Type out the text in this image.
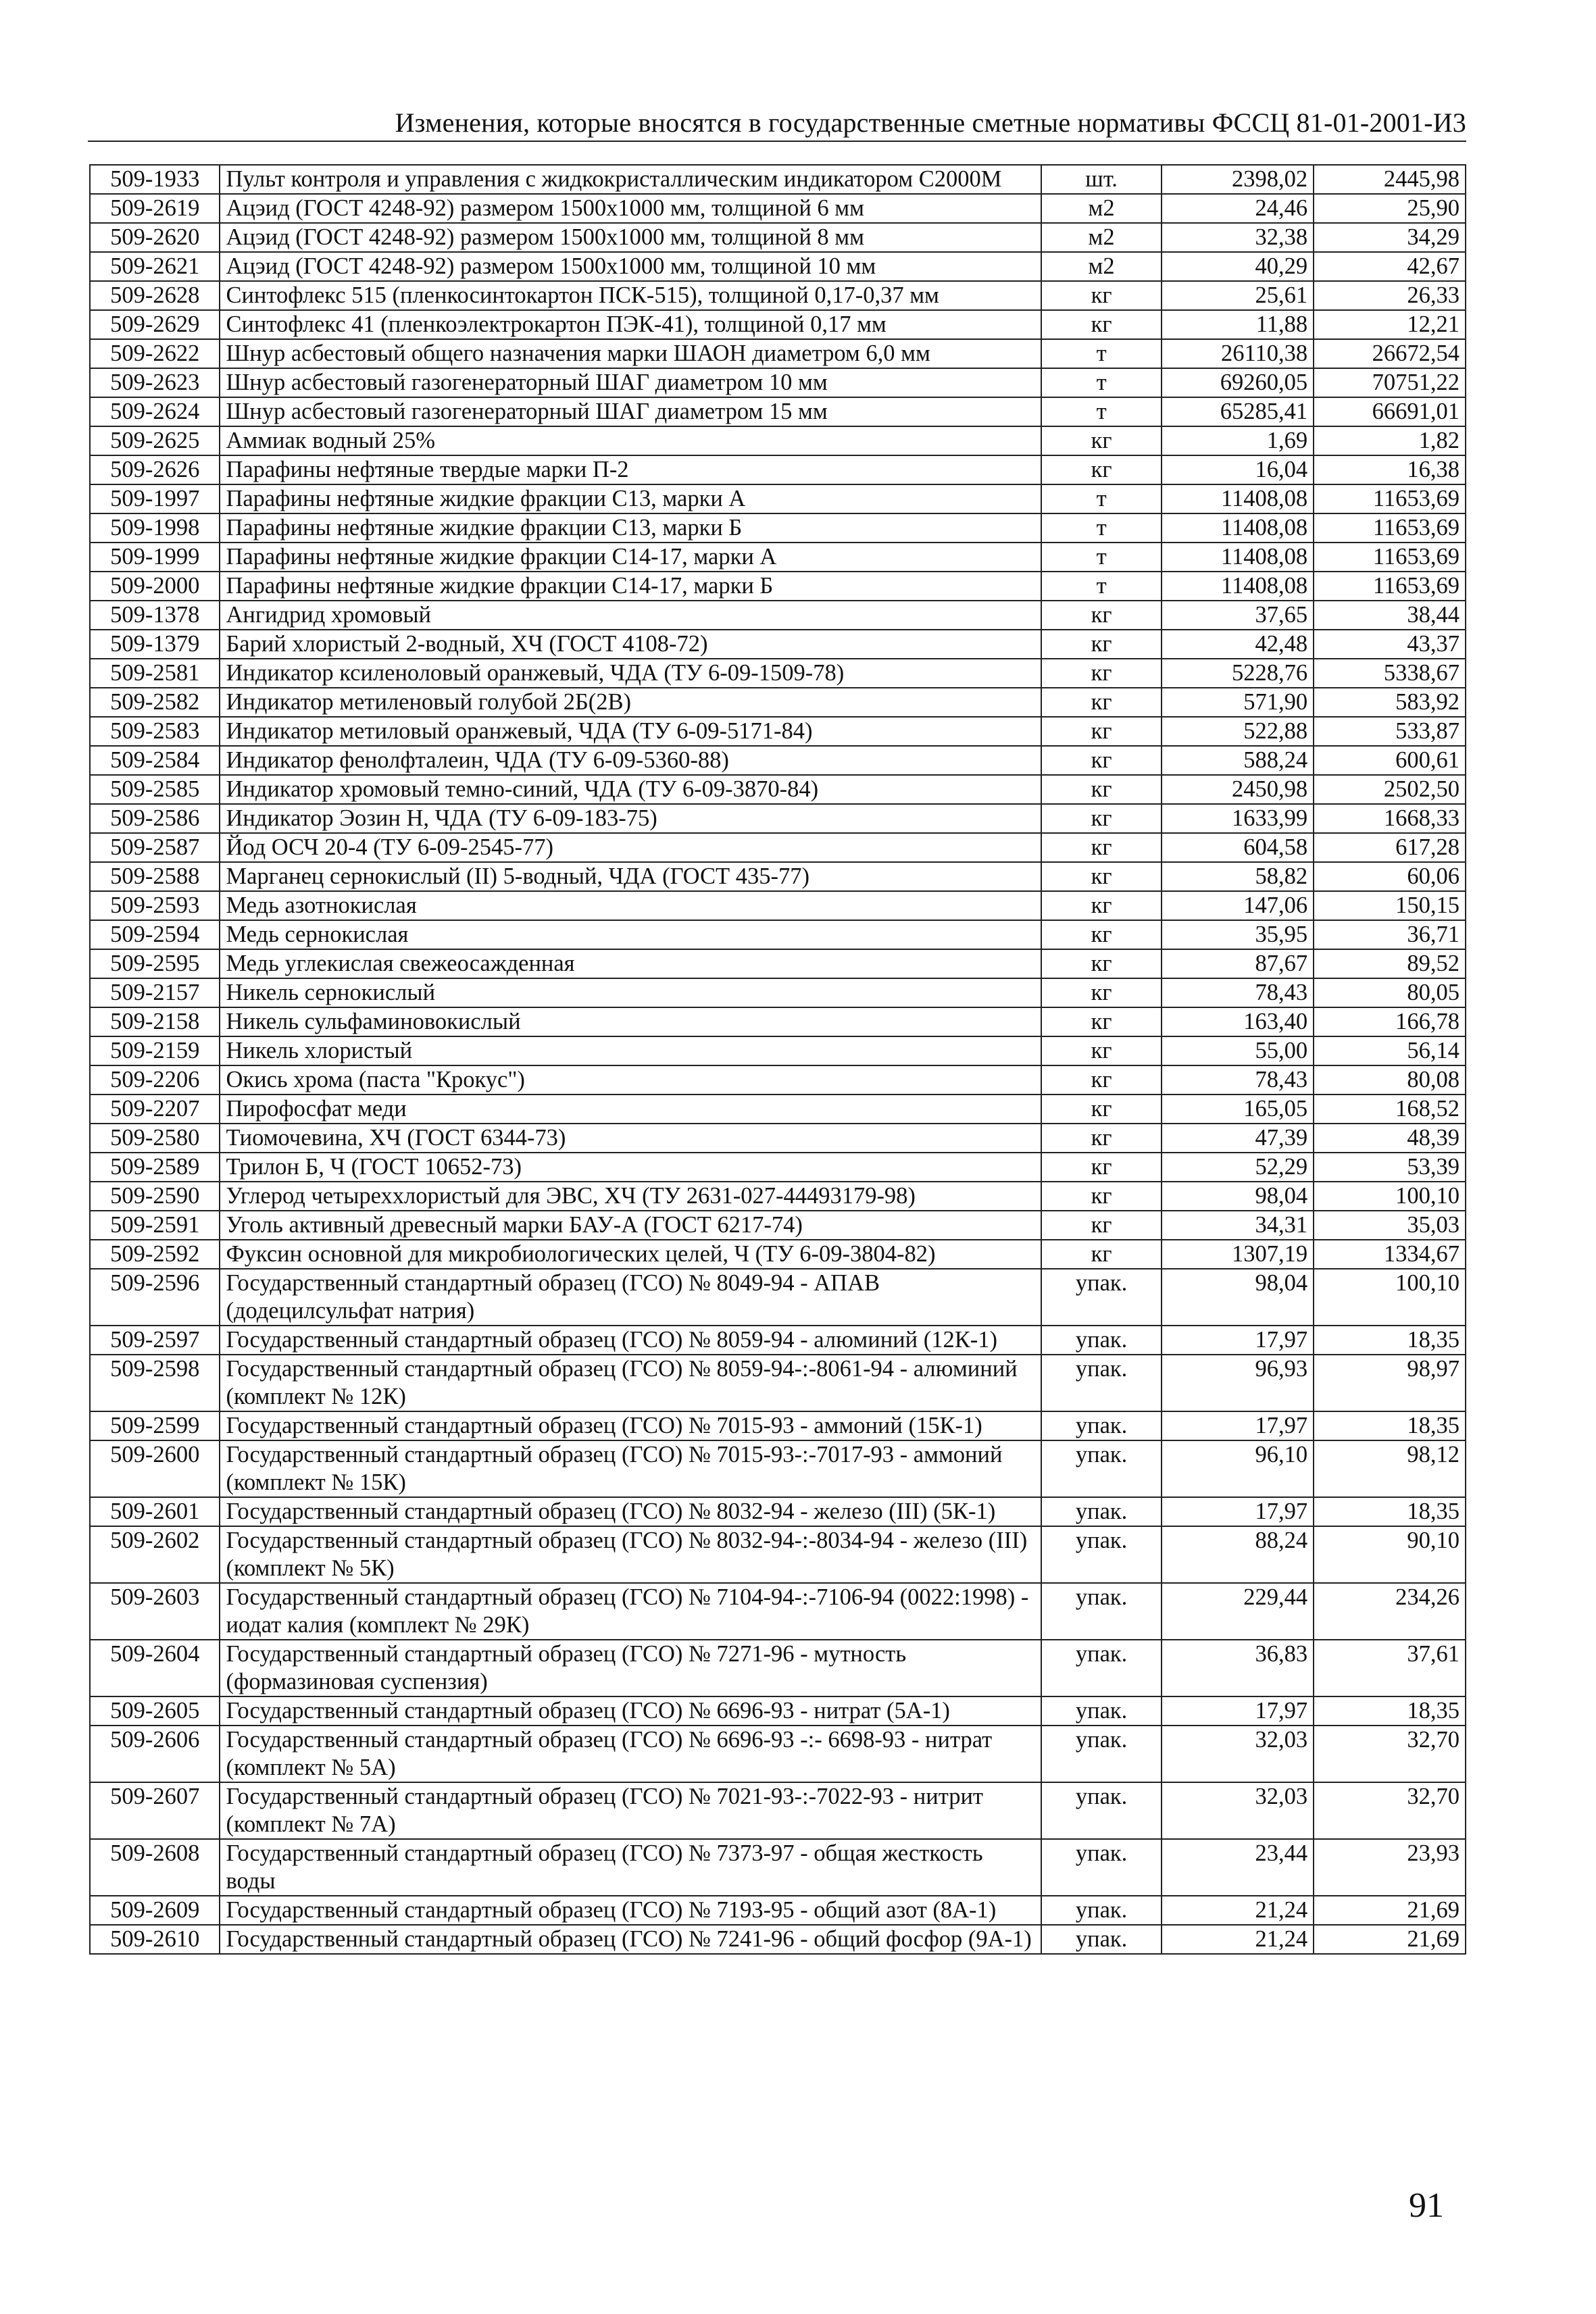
Изменения, которые вносятся в государственные сметные нормативы ФССЦ 81-01-2001-И3
509-1933	Пульт контроля и управления с жидкокристаллическим индикатором С2000М	шт.	2398,02	2445,98
509-2619	Ацэид (ГОСТ 4248-92) размером 1500х1000 мм, толщиной 6 мм	м2	24,46	25,90
509-2620	Ацэид (ГОСТ 4248-92) размером 1500х1000 мм, толщиной 8 мм	м2	32,38	34,29
509-2621	Ацэид (ГОСТ 4248-92) размером 1500х1000 мм, толщиной 10 мм	м2	40,29	42,67
509-2628	Синтофлекс 515 (пленкосинтокартон ПСК-515), толщиной 0,17-0,37 мм	кг	25,61	26,33
509-2629	Синтофлекс 41 (пленкоэлектрокартон ПЭК-41), толщиной 0,17 мм	кг	11,88	12,21
509-2622	Шнур асбестовый общего назначения марки ШАОН диаметром 6,0 мм	т	26110,38	26672,54
509-2623	Шнур асбестовый газогенераторный ШАГ диаметром 10 мм	т	69260,05	70751,22
509-2624	Шнур асбестовый газогенераторный ШАГ диаметром 15 мм	т	65285,41	66691,01
509-2625	Аммиак водный 25%	кг	1,69	1,82
509-2626	Парафины нефтяные твердые марки П-2	кг	16,04	16,38
509-1997	Парафины нефтяные жидкие фракции С13, марки А	т	11408,08	11653,69
509-1998	Парафины нефтяные жидкие фракции С13, марки Б	т	11408,08	11653,69
509-1999	Парафины нефтяные жидкие фракции С14-17, марки А	т	11408,08	11653,69
509-2000	Парафины нефтяные жидкие фракции С14-17, марки Б	т	11408,08	11653,69
509-1378	Ангидрид хромовый	кг	37,65	38,44
509-1379	Барий хлористый 2-водный, ХЧ (ГОСТ 4108-72)	кг	42,48	43,37
509-2581	Индикатор ксиленоловый оранжевый, ЧДА (ТУ 6-09-1509-78)	кг	5228,76	5338,67
509-2582	Индикатор метиленовый голубой 2Б(2В)	кг	571,90	583,92
509-2583	Индикатор метиловый оранжевый, ЧДА (ТУ 6-09-5171-84)	кг	522,88	533,87
509-2584	Индикатор фенолфталеин, ЧДА (ТУ 6-09-5360-88)	кг	588,24	600,61
509-2585	Индикатор хромовый темно-синий, ЧДА (ТУ 6-09-3870-84)	кг	2450,98	2502,50
509-2586	Индикатор Эозин Н, ЧДА (ТУ 6-09-183-75)	кг	1633,99	1668,33
509-2587	Йод ОСЧ 20-4 (ТУ 6-09-2545-77)	кг	604,58	617,28
509-2588	Марганец сернокислый (II) 5-водный, ЧДА (ГОСТ 435-77)	кг	58,82	60,06
509-2593	Медь азотнокислая	кг	147,06	150,15
509-2594	Медь сернокислая	кг	35,95	36,71
509-2595	Медь углекислая свежеосажденная	кг	87,67	89,52
509-2157	Никель сернокислый	кг	78,43	80,05
509-2158	Никель сульфаминовокислый	кг	163,40	166,78
509-2159	Никель хлористый	кг	55,00	56,14
509-2206	Окись хрома (паста "Крокус")	кг	78,43	80,08
509-2207	Пирофосфат меди	кг	165,05	168,52
509-2580	Тиомочевина, ХЧ (ГОСТ 6344-73)	кг	47,39	48,39
509-2589	Трилон Б, Ч (ГОСТ 10652-73)	кг	52,29	53,39
509-2590	Углерод четыреххлористый для ЭВС, ХЧ (ТУ 2631-027-44493179-98)	кг	98,04	100,10
509-2591	Уголь активный древесный марки БАУ-А (ГОСТ 6217-74)	кг	34,31	35,03
509-2592	Фуксин основной для микробиологических целей, Ч (ТУ 6-09-3804-82)	кг	1307,19	1334,67
509-2596	Государственный стандартный образец (ГСО) № 8049-94 - АПАВ (додецилсульфат натрия)	упак.	98,04	100,10
509-2597	Государственный стандартный образец (ГСО) № 8059-94 - алюминий (12К-1)	упак.	17,97	18,35
509-2598	Государственный стандартный образец (ГСО) № 8059-94-:-8061-94 - алюминий (комплект № 12К)	упак.	96,93	98,97
509-2599	Государственный стандартный образец (ГСО) № 7015-93 - аммоний (15К-1)	упак.	17,97	18,35
509-2600	Государственный стандартный образец (ГСО) № 7015-93-:-7017-93 - аммоний (комплект № 15К)	упак.	96,10	98,12
509-2601	Государственный стандартный образец (ГСО) № 8032-94 - железо (III) (5К-1)	упак.	17,97	18,35
509-2602	Государственный стандартный образец (ГСО) № 8032-94-:-8034-94 - железо (III) (комплект № 5К)	упак.	88,24	90,10
509-2603	Государственный стандартный образец (ГСО) № 7104-94-:-7106-94 (0022:1998) - иодат калия (комплект № 29К)	упак.	229,44	234,26
509-2604	Государственный стандартный образец (ГСО) № 7271-96 - мутность (формазиновая суспензия)	упак.	36,83	37,61
509-2605	Государственный стандартный образец (ГСО) № 6696-93 - нитрат (5А-1)	упак.	17,97	18,35
509-2606	Государственный стандартный образец (ГСО) № 6696-93 -:- 6698-93 - нитрат (комплект № 5А)	упак.	32,03	32,70
509-2607	Государственный стандартный образец (ГСО) № 7021-93-:-7022-93 - нитрит (комплект № 7А)	упак.	32,03	32,70
509-2608	Государственный стандартный образец (ГСО) № 7373-97 - общая жесткость воды	упак.	23,44	23,93
509-2609	Государственный стандартный образец (ГСО) № 7193-95 - общий азот (8А-1)	упак.	21,24	21,69
509-2610	Государственный стандартный образец (ГСО) № 7241-96 - общий фосфор (9А-1)	упак.	21,24	21,69
91
